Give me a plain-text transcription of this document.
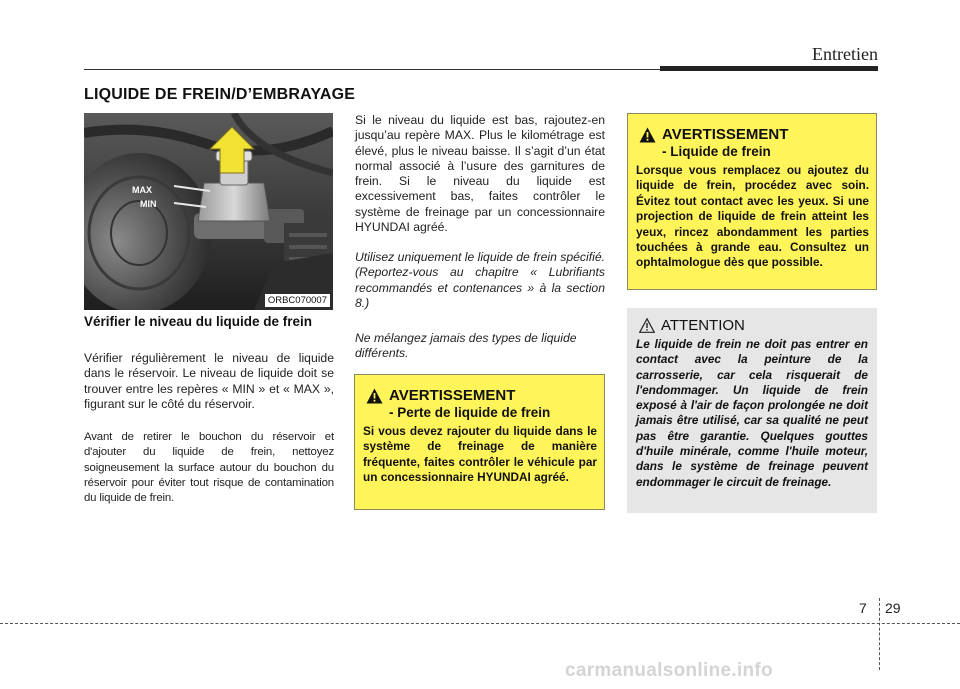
Entretien
LIQUIDE DE FREIN/D’EMBRAYAGE
MAX
MIN
ORBC070007
Vérifier le niveau du liquide de frein
Vérifier régulièrement le niveau de liquide dans le réservoir. Le niveau de liquide doit se trouver entre les repères « MIN » et « MAX », figurant sur le côté du réservoir.
Avant de retirer le bouchon du réservoir et d'ajouter du liquide de frein, nettoyez soigneusement la surface autour du bouchon du réservoir pour éviter tout risque de contamination du liquide de frein.
Si le niveau du liquide est bas, rajoutez-en jusqu’au repère MAX. Plus le kilométrage est élevé, plus le niveau baisse. Il s’agit d’un état normal associé à l’usure des garnitures de frein. Si le niveau du liquide est excessivement bas, faites contrôler le système de freinage par un concessionnaire HYUNDAI agréé.
Utilisez uniquement le liquide de frein spécifié. (Reportez-vous au chapitre « Lubrifiants recommandés et contenances » à la section 8.)
Ne mélangez jamais des types de liquide différents.
AVERTISSEMENT
- Perte de liquide de frein
Si vous devez rajouter du liquide dans le système de freinage de manière fréquente, faites contrôler le véhicule par un concessionnaire HYUNDAI agréé.
AVERTISSEMENT
- Liquide de frein
Lorsque vous remplacez ou ajoutez du liquide de frein, procédez avec soin. Évitez tout contact avec les yeux. Si une projection de liquide de frein atteint les yeux, rincez abondamment les parties touchées à grande eau. Consultez un ophtalmologue dès que possible.
ATTENTION
Le liquide de frein ne doit pas entrer en contact avec la peinture de la carrosserie, car cela risquerait de l'endommager. Un liquide de frein exposé à l'air de façon prolongée ne doit jamais être utilisé, car sa qualité ne peut pas être garantie. Quelques gouttes d'huile minérale, comme l'huile moteur, dans le système de freinage peuvent endommager le circuit de freinage.
7 29
carmanualsonline.info
